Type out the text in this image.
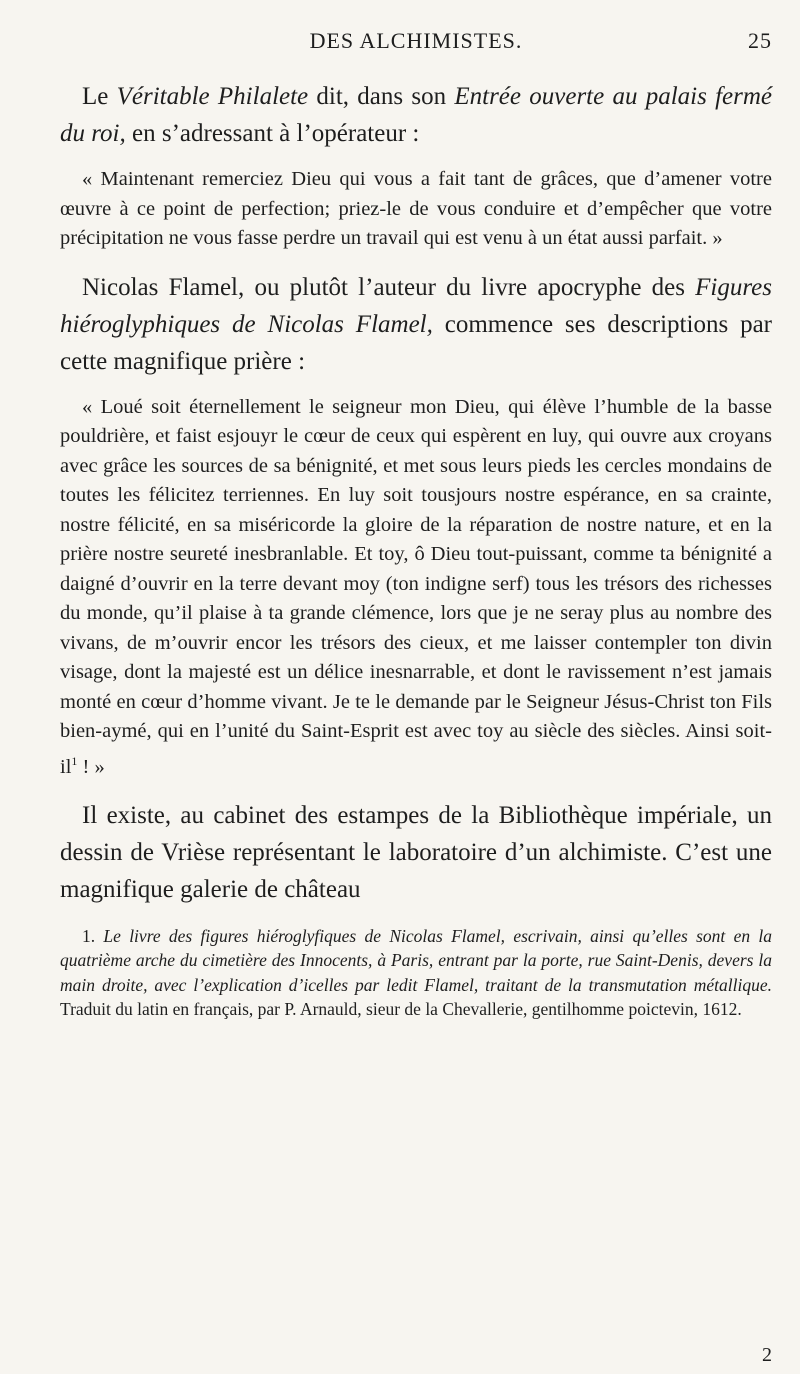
DES ALCHIMISTES.	25

Le Véritable Philalete dit, dans son Entrée ouverte au palais fermé du roi, en s’adressant à l’opérateur :

« Maintenant remerciez Dieu qui vous a fait tant de grâces, que d’amener votre œuvre à ce point de perfection; priez-le de vous conduire et d’empêcher que votre précipitation ne vous fasse perdre un travail qui est venu à un état aussi parfait. »

Nicolas Flamel, ou plutôt l’auteur du livre apocryphe des Figures hiéroglyphiques de Nicolas Flamel, commence ses descriptions par cette magnifique prière :

« Loué soit éternellement le seigneur mon Dieu, qui élève l’humble de la basse pouldrière, et faist esjouyr le cœur de ceux qui espèrent en luy, qui ouvre aux croyans avec grâce les sources de sa bénignité, et met sous leurs pieds les cercles mondains de toutes les félicitez terriennes. En luy soit tousjours nostre espérance, en sa crainte, nostre félicité, en sa miséricorde la gloire de la réparation de nostre nature, et en la prière nostre seureté inesbranlable. Et toy, ô Dieu tout-puissant, comme ta bénignité a daigné d’ouvrir en la terre devant moy (ton indigne serf) tous les trésors des richesses du monde, qu’il plaise à ta grande clémence, lors que je ne seray plus au nombre des vivans, de m’ouvrir encor les trésors des cieux, et me laisser contempler ton divin visage, dont la majesté est un délice inesnarrable, et dont le ravissement n’est jamais monté en cœur d’homme vivant. Je te le demande par le Seigneur Jésus-Christ ton Fils bien-aymé, qui en l’unité du Saint-Esprit est avec toy au siècle des siècles. Ainsi soit-$il^1$ ! »

Il existe, au cabinet des estampes de la Bibliothèque impériale, un dessin de Vrièse représentant le laboratoire d’un alchimiste. C’est une magnifique galerie de château

1. Le livre des figures hiéroglyfiques de Nicolas Flamel, escrivain, ainsi qu’elles sont en la quatrième arche du cimetière des Innocents, à Paris, entrant par la porte, rue Saint-Denis, devers la main droite, avec l’explication d’icelles par ledit Flamel, traitant de la transmutation métallique. Traduit du latin en français, par P. Arnauld, sieur de la Chevallerie, gentilhomme poictevin, 1612.

2
